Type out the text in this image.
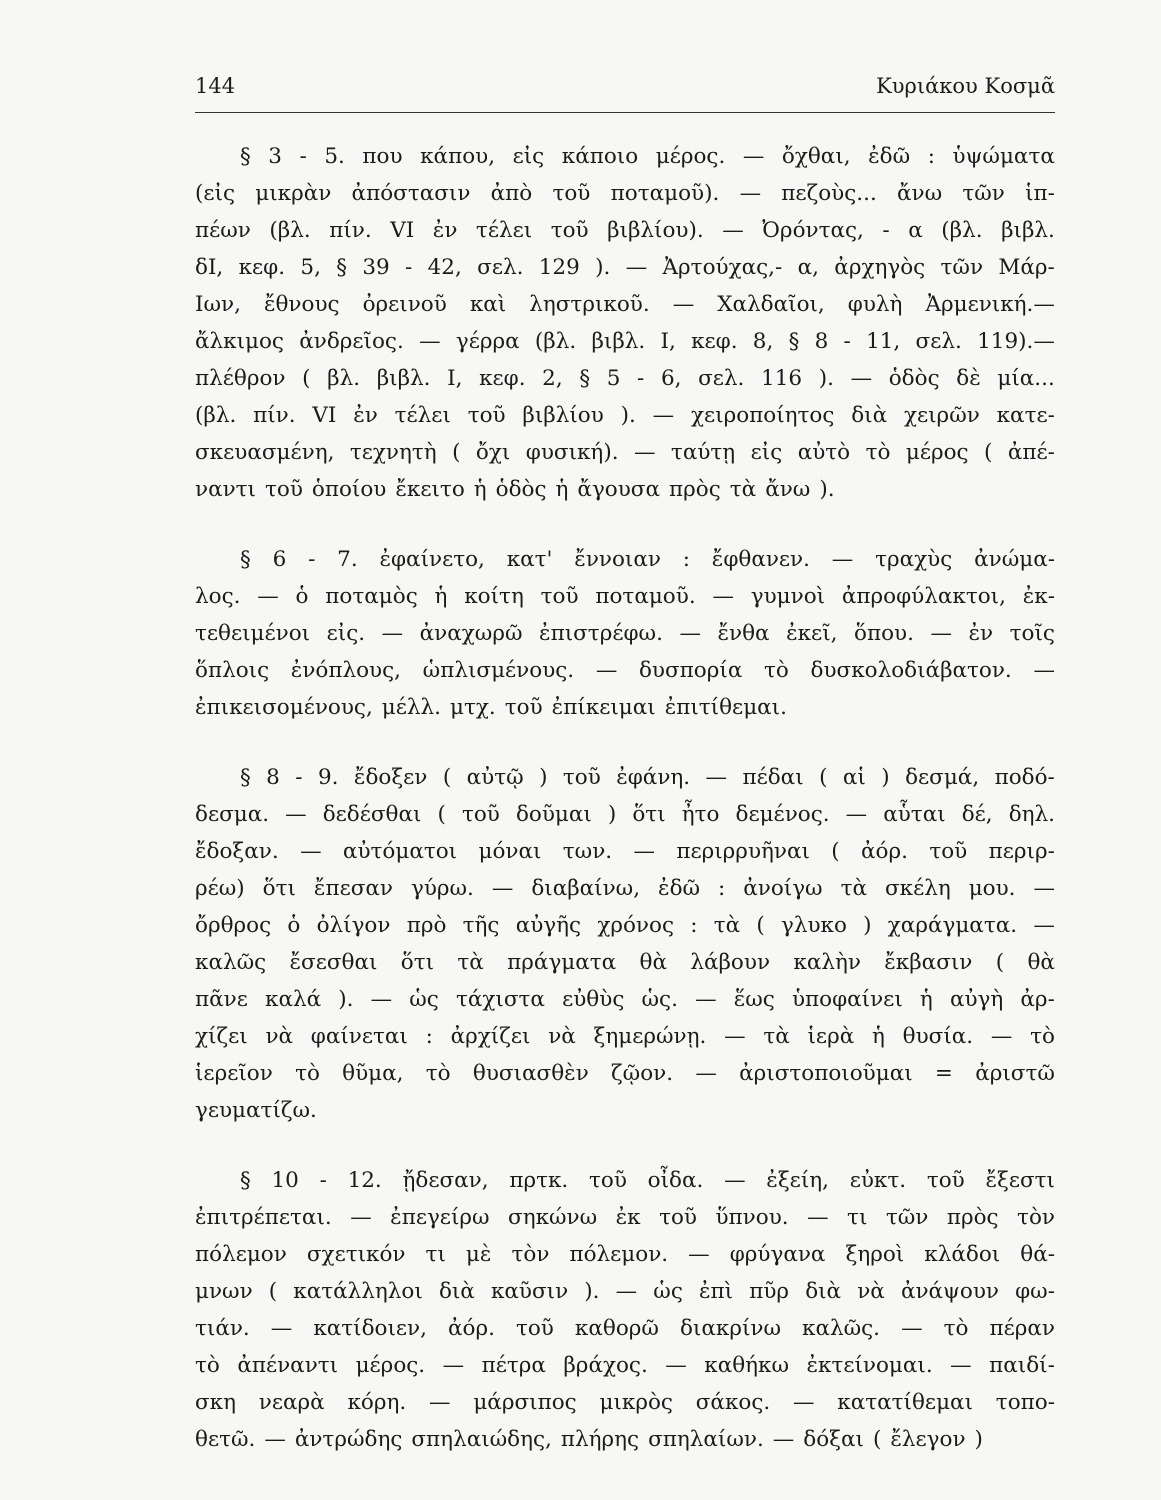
144	Κυριάκου Κοσμᾶ
§ 3 - 5. που κάπου, εἰς κάποιο μέρος. — ὄχθαι, ἐδῶ : ὑψώματα
(εἰς μικρὰν ἀπόστασιν ἀπὸ τοῦ ποταμοῦ). — πεζοὺς... ἄνω τῶν ἱπ-
πέων (βλ. πίν. VI ἐν τέλει τοῦ βιβλίου). — Ὀρόντας, - α (βλ. βιβλ.
δΙ, κεφ. 5, § 39 - 42, σελ. 129 ). — Ἀρτούχας,- α, ἀρχηγὸς τῶν Μάρ-
Ιων, ἔθνους ὀρεινοῦ καὶ ληστρικοῦ. — Χαλδαῖοι, φυλὴ Ἀρμενική.—
ἄλκιμος ἀνδρεῖος. — γέρρα (βλ. βιβλ. Ι, κεφ. 8, § 8 - 11, σελ. 119).—
πλέθρον ( βλ. βιβλ. Ι, κεφ. 2, § 5 - 6, σελ. 116 ). — ὁδὸς δὲ μία...
(βλ. πίν. VI ἐν τέλει τοῦ βιβλίου ). — χειροποίητος διὰ χειρῶν κατε-
σκευασμένη, τεχνητὴ ( ὄχι φυσική). — ταύτῃ εἰς αὐτὸ τὸ μέρος ( ἀπέ-
ναντι τοῦ ὁποίου ἔκειτο ἡ ὁδὸς ἡ ἄγουσα πρὸς τὰ ἄνω ).
§ 6 - 7. ἐφαίνετο, κατ' ἔννοιαν : ἔφθανεν. — τραχὺς ἀνώμα-
λος. — ὁ ποταμὸς ἡ κοίτη τοῦ ποταμοῦ. — γυμνοὶ ἀπροφύλακτοι, ἐκ-
τεθειμένοι εἰς. — ἀναχωρῶ ἐπιστρέφω. — ἔνθα ἐκεῖ, ὅπου. — ἐν τοῖς
ὅπλοις ἐνόπλους, ὡπλισμένους. — δυσπορία τὸ δυσκολοδιάβατον. —
ἐπικεισομένους, μέλλ. μτχ. τοῦ ἐπίκειμαι ἐπιτίθεμαι.
§ 8 - 9. ἔδοξεν ( αὐτῷ ) τοῦ ἐφάνη. — πέδαι ( αἱ ) δεσμά, ποδό-
δεσμα. — δεδέσθαι ( τοῦ δοῦμαι ) ὅτι ἦτο δεμένος. — αὗται δέ, δηλ.
ἔδοξαν. — αὐτόματοι μόναι των. — περιρρυῆναι ( ἀόρ. τοῦ περιρ-
ρέω) ὅτι ἔπεσαν γύρω. — διαβαίνω, ἐδῶ : ἀνοίγω τὰ σκέλη μου. —
ὄρθρος ὁ ὀλίγον πρὸ τῆς αὐγῆς χρόνος : τὰ ( γλυκο ) χαράγματα. —
καλῶς ἔσεσθαι ὅτι τὰ πράγματα θὰ λάβουν καλὴν ἔκβασιν ( θὰ
πᾶνε καλά ). — ὡς τάχιστα εὐθὺς ὡς. — ἕως ὑποφαίνει ἡ αὐγὴ ἀρ-
χίζει νὰ φαίνεται : ἀρχίζει νὰ ξημερώνῃ. — τὰ ἱερὰ ἡ θυσία. — τὸ
ἱερεῖον τὸ θῦμα, τὸ θυσιασθὲν ζῷον. — ἀριστοποιοῦμαι = ἀριστῶ
γευματίζω.
§ 10 - 12. ᾔδεσαν, πρτκ. τοῦ οἶδα. — ἐξείη, εὐκτ. τοῦ ἔξεστι
ἐπιτρέπεται. — ἐπεγείρω σηκώνω ἐκ τοῦ ὕπνου. — τι τῶν πρὸς τὸν
πόλεμον σχετικόν τι μὲ τὸν πόλεμον. — φρύγανα ξηροὶ κλάδοι θά-
μνων ( κατάλληλοι διὰ καῦσιν ). — ὡς ἐπὶ πῦρ διὰ νὰ ἀνάψουν φω-
τιάν. — κατίδοιεν, ἀόρ. τοῦ καθορῶ διακρίνω καλῶς. — τὸ πέραν
τὸ ἀπέναντι μέρος. — πέτρα βράχος. — καθήκω ἐκτείνομαι. — παιδί-
σκη νεαρὰ κόρη. — μάρσιπος μικρὸς σάκος. — κατατίθεμαι τοπο-
θετῶ. — ἀντρώδης σπηλαιώδης, πλήρης σπηλαίων. — δόξαι ( ἔλεγον )
